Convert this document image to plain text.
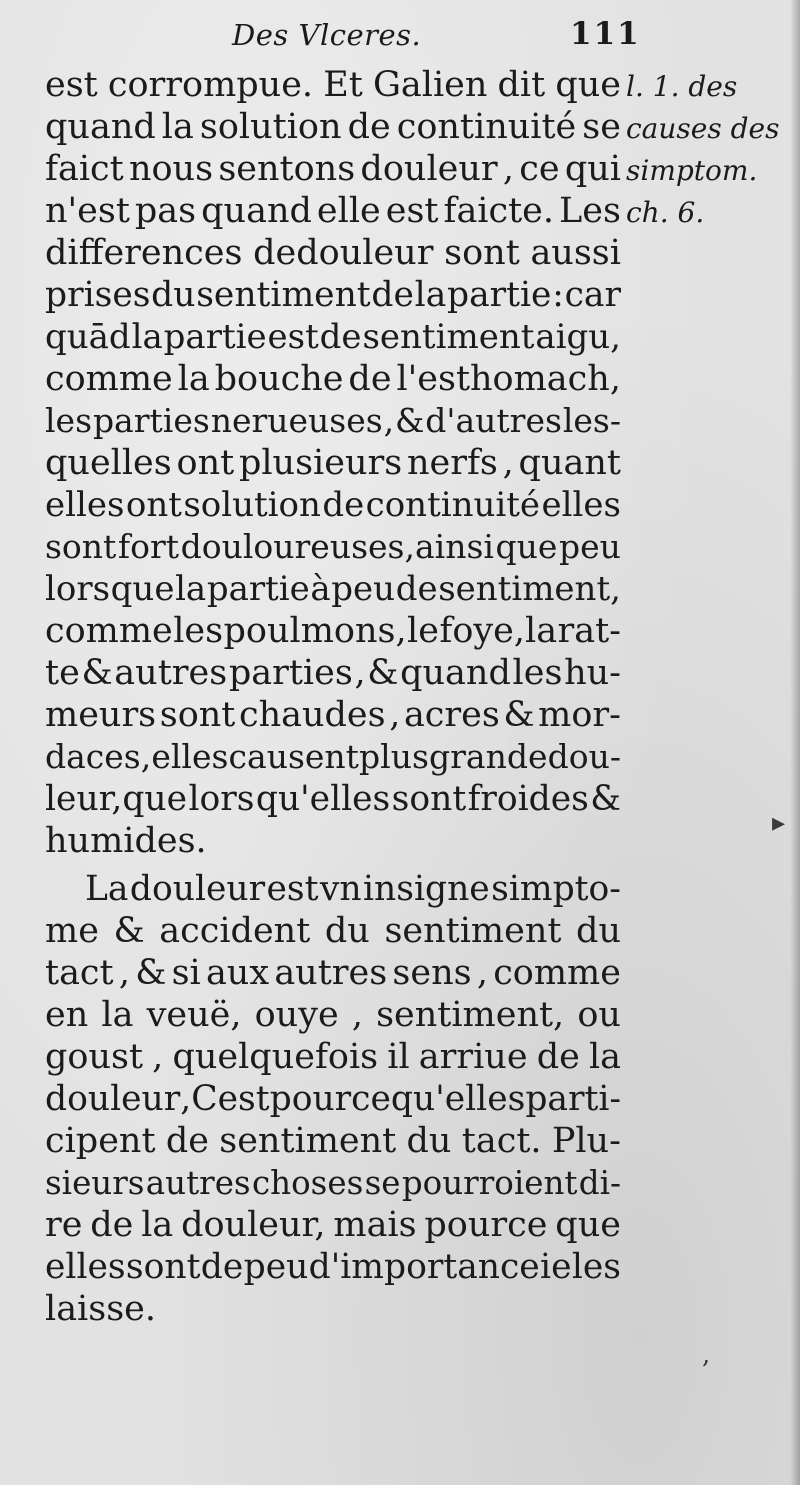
Des Vlceres.	111
est corrompue. Et Galien dit que
quand la solution de continuité se
faict nous sentons douleur , ce qui
n'est pas quand elle est faicte. Les
differences dedouleur sont aussi
prises du sentiment de la partie : car
quād la partie est de sentiment aigu,
comme la bouche de l'esthomach,
les parties nerueuses , & d'autres les-
quelles ont plusieurs nerfs , quant
elles ont solution de continuité elles
sont fort douloureuses,ainsi que peu
lors que la partie à peu de sentiment,
comme les poulmons, le foye,la rat-
te & autres parties , & quand les hu-
meurs sont chaudes , acres & mor-
daces, elles causent plus grande dou-
leur,que lors qu'elles sont froides &
humides.
La douleur est vn insigne simpto-
me & accident du sentiment du
tact , & si aux autres sens , comme
en la veuë, ouye , sentiment, ou
goust , quelquefois il arriue de la
douleur , Cest pource qu'elles parti-
cipent de sentiment du tact. Plu-
sieurs autres choses se pourroient di-
re de la douleur, mais pource que
elles sont de peu d'importance ie les
laisse.
l. 1. des
causes des
simptom.
ch. 6.
▸
,
